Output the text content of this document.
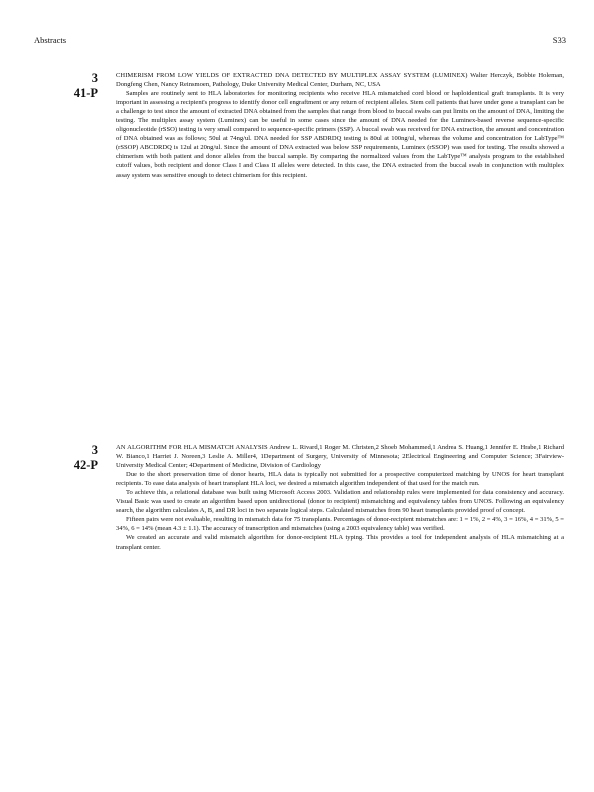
Abstracts	S33
3
41-P

CHIMERISM FROM LOW YIELDS OF EXTRACTED DNA DETECTED BY MULTIPLEX ASSAY SYSTEM (LUMINEX) Walter Herczyk, Bobbie Holeman, Dongfeng Chen, Nancy Reinsmoen, Pathology, Duke University Medical Center, Durham, NC, USA

Samples are routinely sent to HLA laboratories for monitoring recipients who receive HLA mismatched cord blood or haploidentical graft transplants. It is very important in assessing a recipient's progress to identify donor cell engraftment or any return of recipient alleles. Stem cell patients that have under gone a transplant can be a challenge to test since the amount of extracted DNA obtained from the samples that range from blood to buccal swabs can put limits on the amount of DNA, limiting the testing. The multiplex assay system (Luminex) can be useful in some cases since the amount of DNA needed for the Luminex-based reverse sequence-specific oligonucleotide (rSSO) testing is very small compared to sequence-specific primers (SSP). A buccal swab was received for DNA extraction, the amount and concentration of DNA obtained was as follows; 50ul at 74ng/ul. DNA needed for SSP ABDRDQ testing is 80ul at 100ng/ul, whereas the volume and concentration for LabType™ (rSSOP) ABCDRDQ is 12ul at 20ng/ul. Since the amount of DNA extracted was below SSP requirements, Luminex (rSSOP) was used for testing. The results showed a chimerism with both patient and donor alleles from the buccal sample. By comparing the normalized values from the LabType™ analysis program to the established cutoff values, both recipient and donor Class I and Class II alleles were detected. In this case, the DNA extracted from the buccal swab in conjunction with multiplex assay system was sensitive enough to detect chimerism for this recipient.

3
42-P

AN ALGORITHM FOR HLA MISMATCH ANALYSIS Andrew L. Rivard,1 Roger M. Christen,2 Shoeb Mohammed,1 Andrea S. Huang,1 Jennifer E. Hrabe,1 Richard W. Bianco,1 Harriet J. Noreen,3 Leslie A. Miller4, 1Department of Surgery, University of Minnesota; 2Electrical Engineering and Computer Science; 3Fairview-University Medical Center; 4Department of Medicine, Division of Cardiology

Due to the short preservation time of donor hearts, HLA data is typically not submitted for a prospective computerized matching by UNOS for heart transplant recipients. To ease data analysis of heart transplant HLA loci, we desired a mismatch algorithm independent of that used for the match run.

To achieve this, a relational database was built using Microsoft Access 2003. Validation and relationship rules were implemented for data consistency and accuracy. Visual Basic was used to create an algorithm based upon unidirectional (donor to recipient) mismatching and equivalency tables from UNOS. Following an equivalency search, the algorithm calculates A, B, and DR loci in two separate logical steps. Calculated mismatches from 90 heart transplants provided proof of concept.

Fifteen pairs were not evaluable, resulting in mismatch data for 75 transplants. Percentages of donor-recipient mismatches are: 1 = 1%, 2 = 4%, 3 = 16%, 4 = 31%, 5 = 34%, 6 = 14% (mean 4.3 ± 1.1). The accuracy of transcription and mismatches (using a 2003 equivalency table) was verified.

We created an accurate and valid mismatch algorithm for donor-recipient HLA typing. This provides a tool for independent analysis of HLA mismatching at a transplant center.
